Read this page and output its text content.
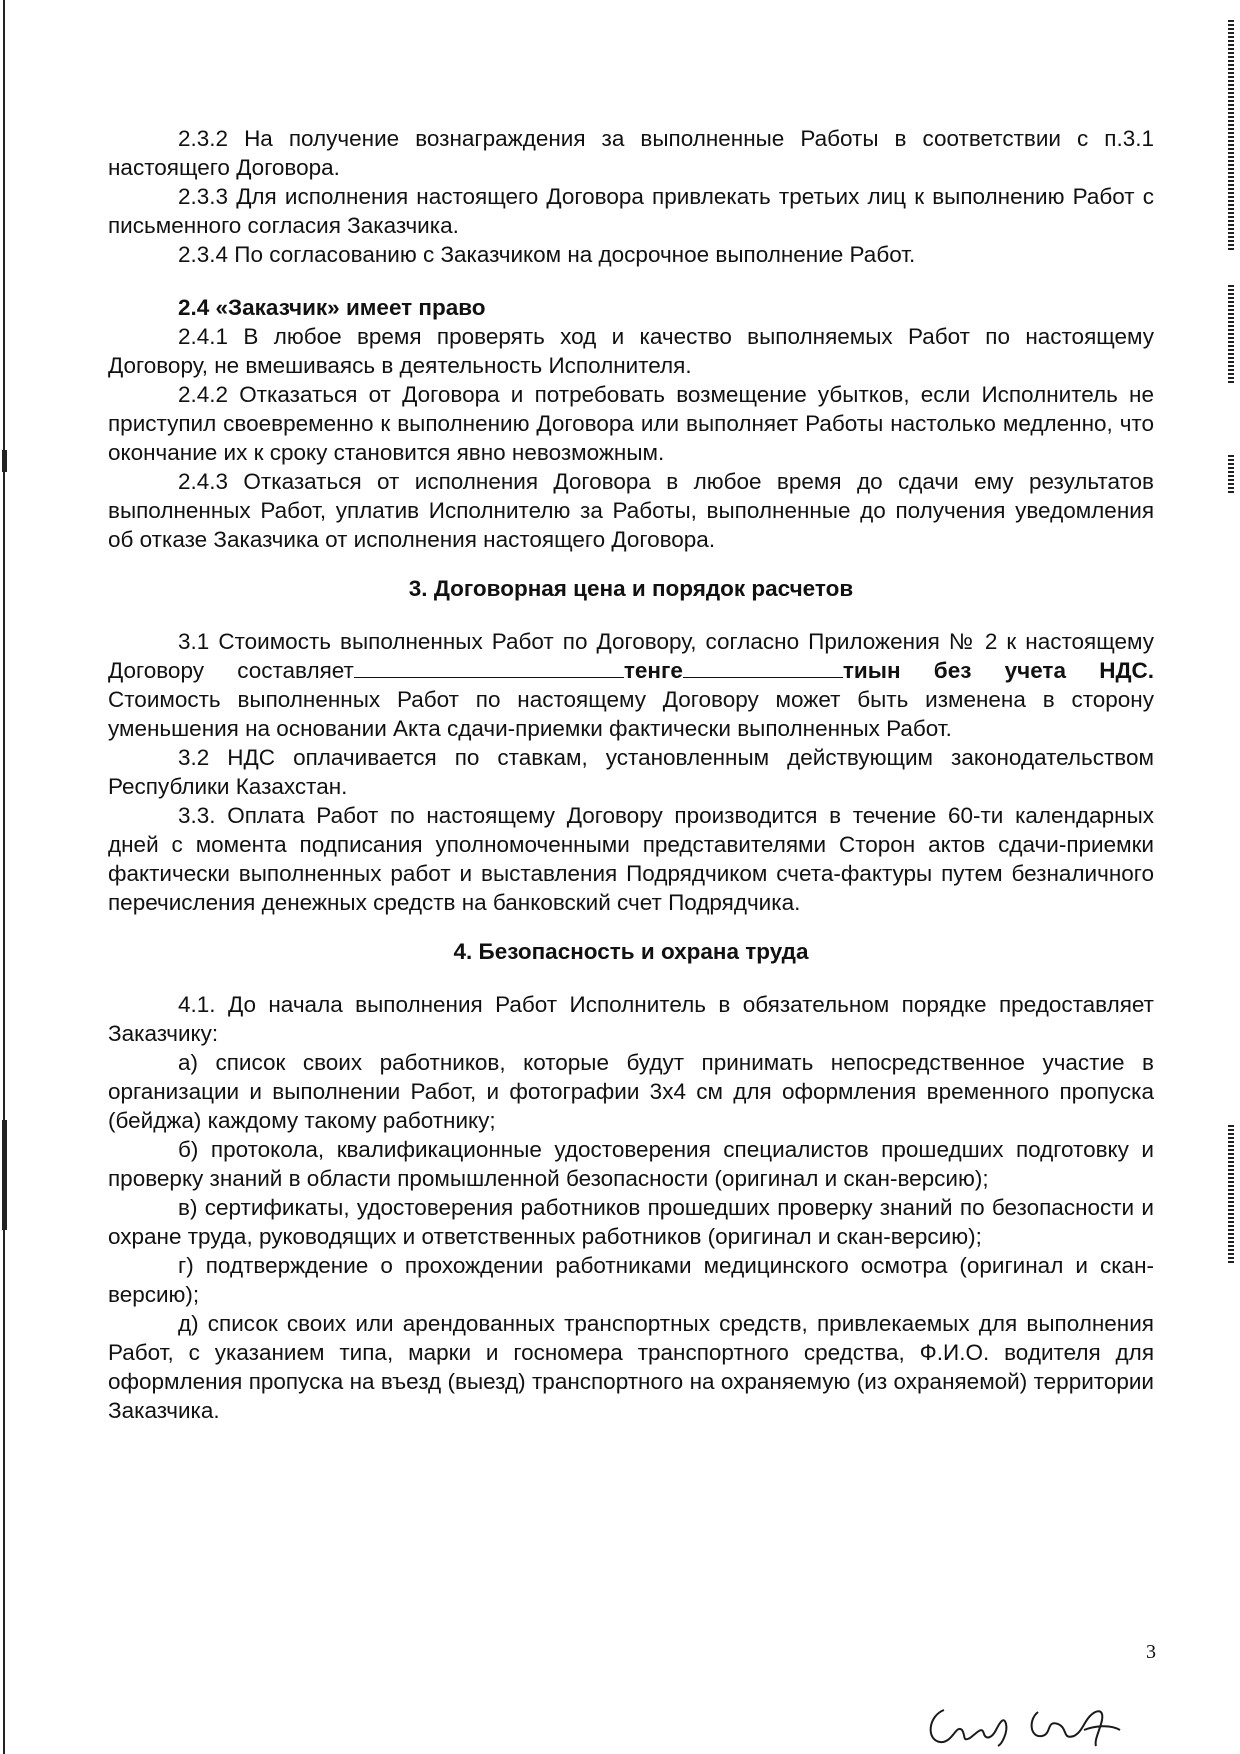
2.3.2 На получение вознаграждения за выполненные Работы в соответствии с п.3.1 настоящего Договора.

2.3.3 Для исполнения настоящего Договора привлекать третьих лиц к выполнению Работ с письменного согласия Заказчика.

2.3.4 По согласованию с Заказчиком на досрочное выполнение Работ.

2.4 «Заказчик» имеет право

2.4.1 В любое время проверять ход и качество выполняемых Работ по настоящему Договору, не вмешиваясь в деятельность Исполнителя.

2.4.2 Отказаться от Договора и потребовать возмещение убытков, если Исполнитель не приступил своевременно к выполнению Договора или выполняет Работы настолько медленно, что окончание их к сроку становится явно невозможным.

2.4.3 Отказаться от исполнения Договора в любое время до сдачи ему результатов выполненных Работ, уплатив Исполнителю за Работы, выполненные до получения уведомления об отказе Заказчика от исполнения настоящего Договора.

3. Договорная цена и порядок расчетов

3.1 Стоимость выполненных Работ по Договору, согласно Приложения № 2 к настоящему Договору составляет	тенге	тиын без учета НДС. Стоимость выполненных Работ по настоящему Договору может быть изменена в сторону уменьшения на основании Акта сдачи-приемки фактически выполненных Работ.

3.2 НДС оплачивается по ставкам, установленным действующим законодательством Республики Казахстан.

3.3. Оплата Работ по настоящему Договору производится в течение 60-ти календарных дней с момента подписания уполномоченными представителями Сторон актов сдачи-приемки фактически выполненных работ и выставления Подрядчиком счета-фактуры путем безналичного перечисления денежных средств на банковский счет Подрядчика.

4. Безопасность и охрана труда

4.1. До начала выполнения Работ Исполнитель в обязательном порядке предоставляет Заказчику:

а) список своих работников, которые будут принимать непосредственное участие в организации и выполнении Работ, и фотографии 3х4 см для оформления временного пропуска (бейджа) каждому такому работнику;

б) протокола, квалификационные удостоверения специалистов прошедших подготовку и проверку знаний в области промышленной безопасности (оригинал и скан-версию);

в) сертификаты, удостоверения работников прошедших проверку знаний по безопасности и охране труда, руководящих и ответственных работников (оригинал и скан-версию);

г) подтверждение о прохождении работниками медицинского осмотра (оригинал и скан-версию);

д) список своих или арендованных транспортных средств, привлекаемых для выполнения Работ, с указанием типа, марки и госномера транспортного средства, Ф.И.О. водителя для оформления пропуска на въезд (выезд) транспортного на охраняемую (из охраняемой) территории Заказчика.

3
